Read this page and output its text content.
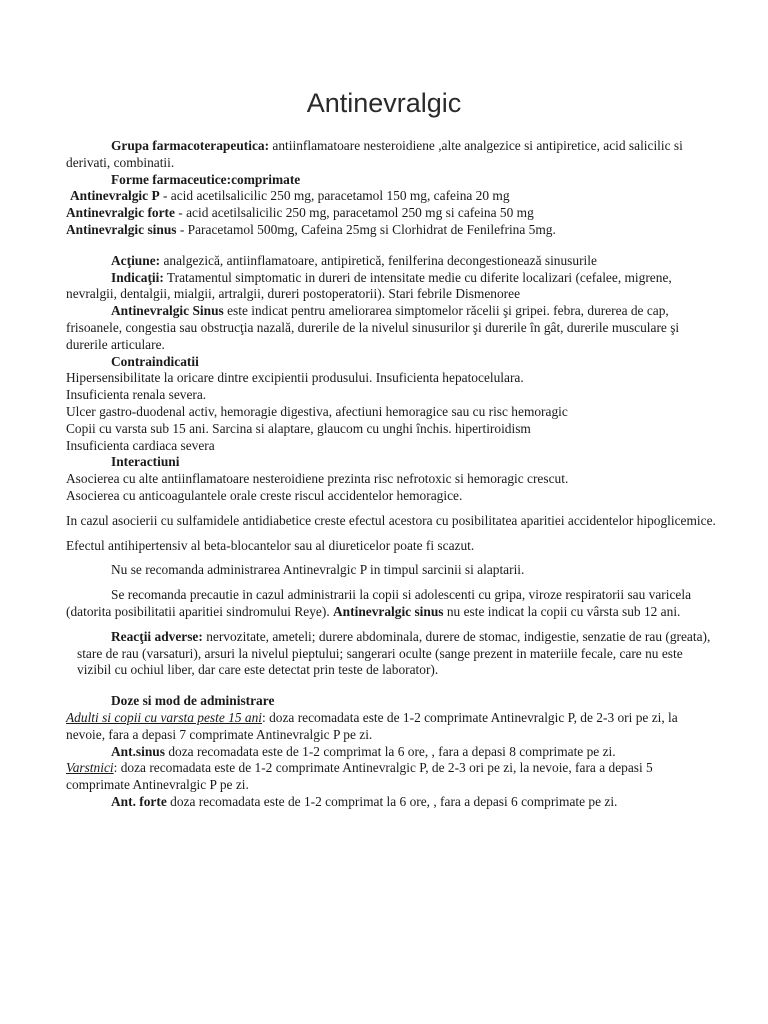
Antinevralgic

Grupa farmacoterapeutica: antiinflamatoare nesteroidiene ,alte analgezice si antipiretice, acid salicilic si derivati, combinatii.

Forme farmaceutice:comprimate

Antinevralgic P - acid acetilsalicilic 250 mg, paracetamol 150 mg, cafeina 20 mg

Antinevralgic forte - acid acetilsalicilic 250 mg, paracetamol 250 mg si cafeina 50 mg

Antinevralgic sinus - Paracetamol 500mg, Cafeina 25mg si Clorhidrat de Fenilefrina 5mg.

Acţiune: analgezică, antiinflamatoare, antipiretică, fenilferina decongestionează sinusurile

Indicaţii: Tratamentul simptomatic in dureri de intensitate medie cu diferite localizari (cefalee, migrene, nevralgii, dentalgii, mialgii, artralgii, dureri postoperatorii). Stari febrile Dismenoree

Antinevralgic Sinus este indicat pentru ameliorarea simptomelor răcelii şi gripei. febra, durerea de cap, frisoanele, congestia sau obstrucţia nazală, durerile de la nivelul sinusurilor şi durerile în gât, durerile musculare şi durerile articulare.

Contraindicatii

Hipersensibilitate la oricare dintre excipientii produsului. Insuficienta hepatocelulara.

Insuficienta renala severa.

Ulcer gastro-duodenal activ, hemoragie digestiva, afectiuni hemoragice sau cu risc hemoragic

Copii cu varsta sub 15 ani. Sarcina si alaptare, glaucom cu unghi închis. hipertiroidism

Insuficienta cardiaca severa

Interactiuni

Asocierea cu alte antiinflamatoare nesteroidiene prezinta risc nefrotoxic si hemoragic crescut.

Asocierea cu anticoagulantele orale creste riscul accidentelor hemoragice.

In cazul asocierii cu sulfamidele antidiabetice creste efectul acestora cu posibilitatea aparitiei accidentelor hipoglicemice.

Efectul antihipertensiv al beta-blocantelor sau al diureticelor poate fi scazut.

Nu se recomanda administrarea Antinevralgic P in timpul sarcinii si alaptarii.

Se recomanda precautie in cazul administrarii la copii si adolescenti cu gripa, viroze respiratorii sau varicela (datorita posibilitatii aparitiei sindromului Reye). Antinevralgic sinus nu este indicat la copii cu vârsta sub 12 ani.

Reacţii adverse: nervozitate, ameteli; durere abdominala, durere de stomac, indigestie, senzatie de rau (greata), stare de rau (varsaturi), arsuri la nivelul pieptului; sangerari oculte (sange prezent in materiile fecale, care nu este vizibil cu ochiul liber, dar care este detectat prin teste de laborator).

Doze si mod de administrare

Adulti si copii cu varsta peste 15 ani: doza recomadata este de 1-2 comprimate Antinevralgic P, de 2-3 ori pe zi, la nevoie, fara a depasi 7 comprimate Antinevralgic P pe zi.

Ant.sinus doza recomadata este de 1-2 comprimat la 6 ore, , fara a depasi 8 comprimate pe zi.

Varstnici: doza recomadata este de 1-2 comprimate Antinevralgic P, de 2-3 ori pe zi, la nevoie, fara a depasi 5 comprimate Antinevralgic P pe zi.

Ant. forte doza recomadata este de 1-2 comprimat la 6 ore, , fara a depasi 6 comprimate pe zi.
